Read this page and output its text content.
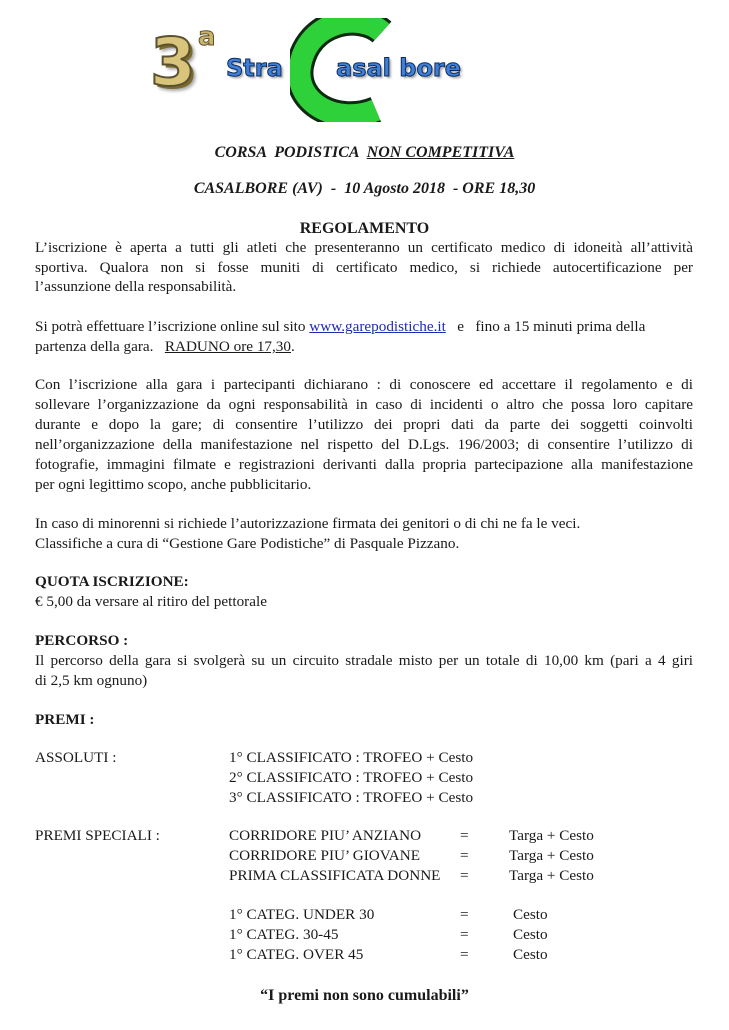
3 a
Stra asal bore
CORSA  PODISTICA  NON COMPETITIVA
CASALBORE (AV)  -  10 Agosto 2018  - ORE 18,30
REGOLAMENTO
L’iscrizione è aperta a tutti gli atleti che presenteranno un certificato medico di idoneità all’attività
sportiva. Qualora non si fosse muniti di certificato medico, si richiede autocertificazione per
l’assunzione della responsabilità.
Si potrà effettuare l’iscrizione online sul sito www.garepodistiche.it   e   fino a 15 minuti prima della
partenza della gara.   RADUNO ore 17,30.
Con l’iscrizione alla gara i partecipanti dichiarano : di conoscere ed accettare il regolamento e di
sollevare l’organizzazione da ogni responsabilità in caso di incidenti o altro che possa loro capitare
durante e dopo la gare; di consentire l’utilizzo dei propri dati da parte dei soggetti coinvolti
nell’organizzazione della manifestazione nel rispetto del D.Lgs. 196/2003; di consentire l’utilizzo di
fotografie, immagini filmate e registrazioni derivanti dalla propria partecipazione alla manifestazione
per ogni legittimo scopo, anche pubblicitario.
In caso di minorenni si richiede l’autorizzazione firmata dei genitori o di chi ne fa le veci.
Classifiche a cura di “Gestione Gare Podistiche” di Pasquale Pizzano.
QUOTA ISCRIZIONE:
€ 5,00 da versare al ritiro del pettorale
PERCORSO :
Il percorso della gara si svolgerà su un circuito stradale misto per un totale di 10,00 km (pari a 4 giri
di 2,5 km ognuno)
PREMI :
ASSOLUTI :	1° CLASSIFICATO : TROFEO + Cesto
2° CLASSIFICATO : TROFEO + Cesto
3° CLASSIFICATO : TROFEO + Cesto
PREMI SPECIALI :	CORRIDORE PIU’ ANZIANO	=	Targa + Cesto
CORRIDORE PIU’ GIOVANE	=	Targa + Cesto
PRIMA CLASSIFICATA DONNE =	Targa + Cesto
1° CATEG. UNDER 30	=	Cesto
1° CATEG. 30-45	=	Cesto
1° CATEG. OVER 45	=	Cesto
“I premi non sono cumulabili”
